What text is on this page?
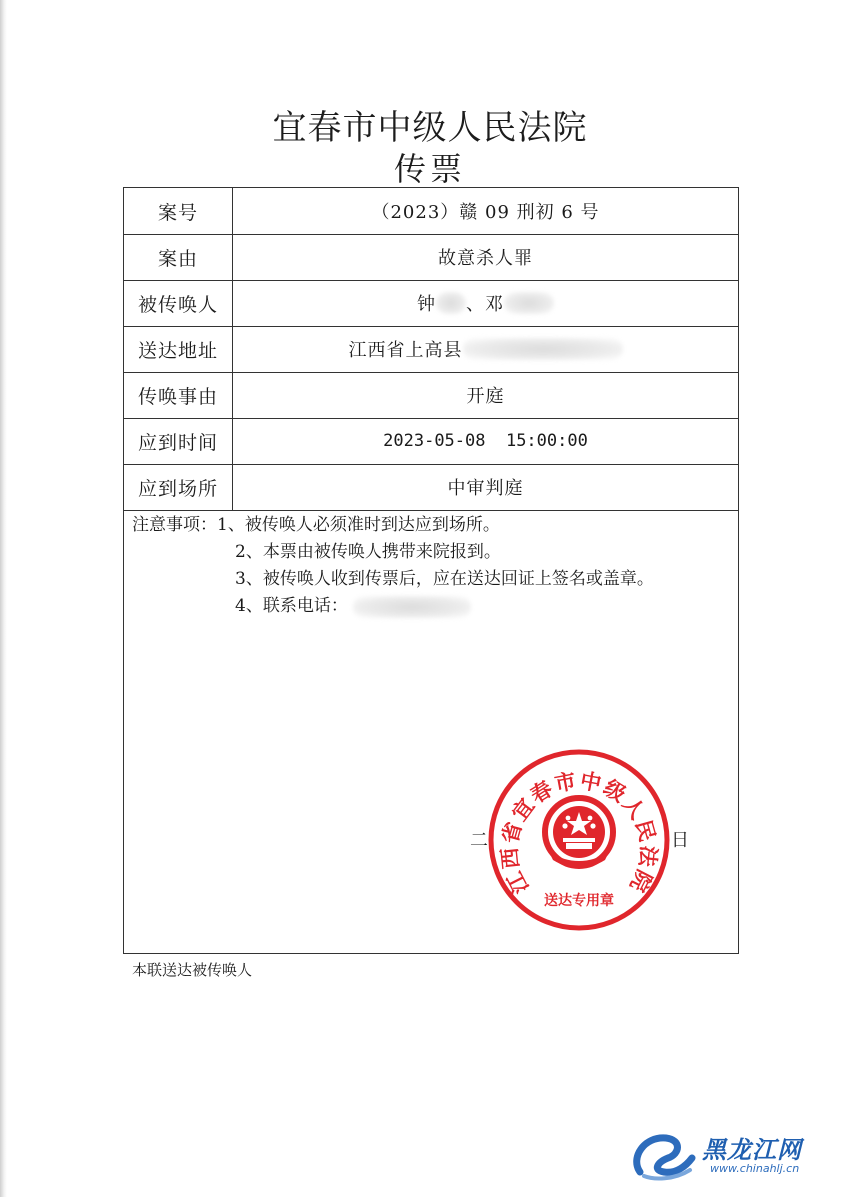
宜春市中级人民法院
传票
案号	（2023）赣 09 刑初 6 号
案由	故意杀人罪
被传唤人	钟 、邓
送达地址	江西省上高县
传唤事由	开庭
应到时间	2023-05-08  15:00:00
应到场所	中审判庭
注意事项：1、被传唤人必须准时到达应到场所。
2、本票由被传唤人携带来院报到。
3、被传唤人收到传票后，应在送达回证上签名或盖章。
4、联系电话：
二	日
江西省宜春市中级人民法院
送达专用章
本联送达被传唤人
黑龙江网
www.chinahlj.cn
